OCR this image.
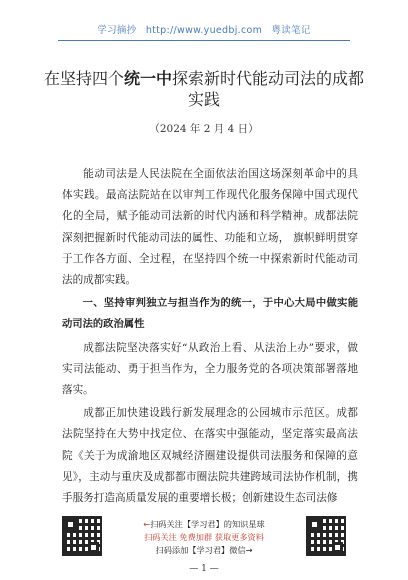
学习摘抄 http://www.yuedbj.com 粤读笔记
在坚持四个统一中探索新时代能动司法的成都实践
（2024 年 2 月 4 日）

能动司法是人民法院在全面依法治国这场深刻革命中的具体实践。最高法院站在以审判工作现代化服务保障中国式现代化的全局，赋予能动司法新的时代内涵和科学精神。成都法院深刻把握新时代能动司法的属性、功能和立场， 旗帜鲜明贯穿于工作各方面、全过程，在坚持四个统一中探索新时代能动司法的成都实践。

一、坚持审判独立与担当作为的统一，于中心大局中做实能动司法的政治属性

成都法院坚决落实好“从政治上看、从法治上办”要求，做实司法能动、勇于担当作为，全力服务党的各项决策部署落地落实。

成都正加快建设践行新发展理念的公园城市示范区。成都法院坚持在大势中找定位、在落实中强能动，坚定落实最高法院《关于为成渝地区双城经济圈建设提供司法服务和保障的意见》，主动与重庆及成都都市圈法院共建跨域司法协作机制，携手服务打造高质量发展的重要增长极；创新建设生态司法修

←扫码关注【学习君】的知识星球
扫码关注 免费加群 获取更多资料
扫码添加【学习君】微信→
— 1 —
